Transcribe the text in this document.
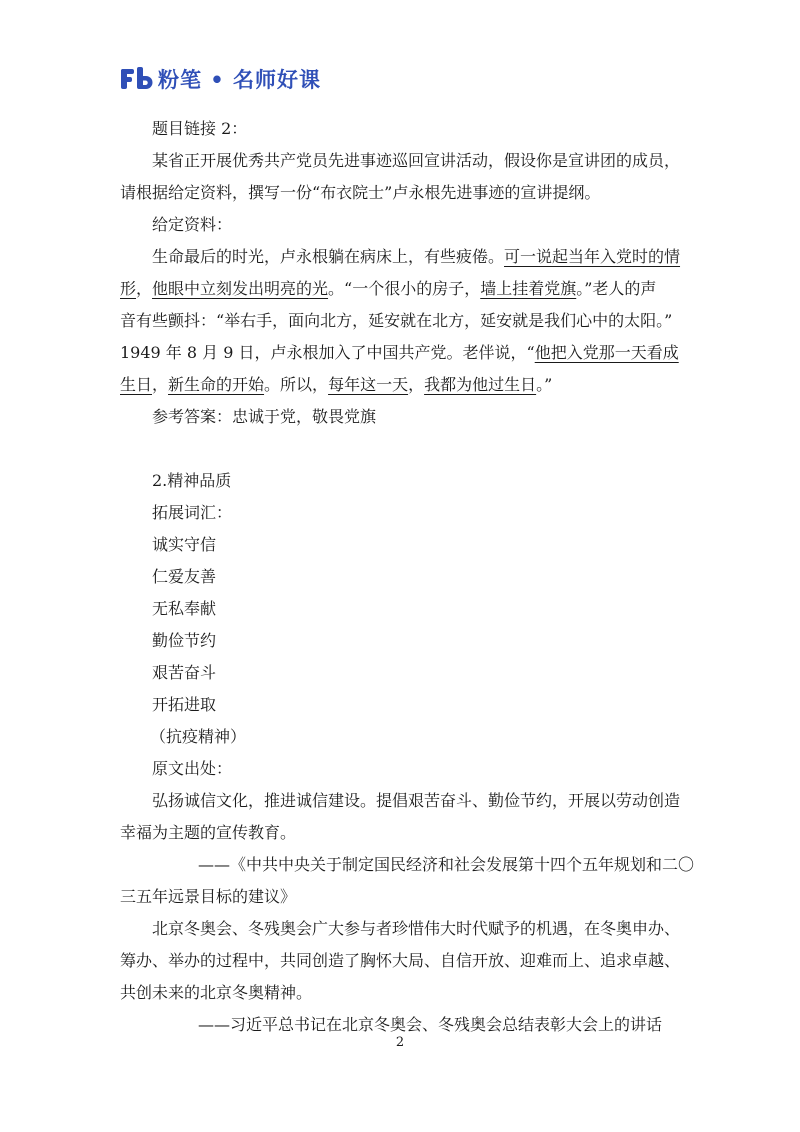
粉笔 • 名师好课

题目链接 2：

某省正开展优秀共产党员先进事迹巡回宣讲活动，假设你是宣讲团的成员，

请根据给定资料，撰写一份“布衣院士”卢永根先进事迹的宣讲提纲。

给定资料：

生命最后的时光，卢永根躺在病床上，有些疲倦。可一说起当年入党时的情

形，他眼中立刻发出明亮的光。“一个很小的房子，墙上挂着党旗。”老人的声

音有些颤抖：“举右手，面向北方，延安就在北方，延安就是我们心中的太阳。”

1949 年 8 月 9 日，卢永根加入了中国共产党。老伴说，“他把入党那一天看成

生日，新生命的开始。所以，每年这一天，我都为他过生日。”

参考答案：忠诚于党，敬畏党旗

2.精神品质

拓展词汇：

诚实守信

仁爱友善

无私奉献

勤俭节约

艰苦奋斗

开拓进取

（抗疫精神）

原文出处：

弘扬诚信文化，推进诚信建设。提倡艰苦奋斗、勤俭节约，开展以劳动创造

幸福为主题的宣传教育。

——《中共中央关于制定国民经济和社会发展第十四个五年规划和二〇

三五年远景目标的建议》

北京冬奥会、冬残奥会广大参与者珍惜伟大时代赋予的机遇，在冬奥申办、

筹办、举办的过程中，共同创造了胸怀大局、自信开放、迎难而上、追求卓越、

共创未来的北京冬奥精神。

——习近平总书记在北京冬奥会、冬残奥会总结表彰大会上的讲话

2
